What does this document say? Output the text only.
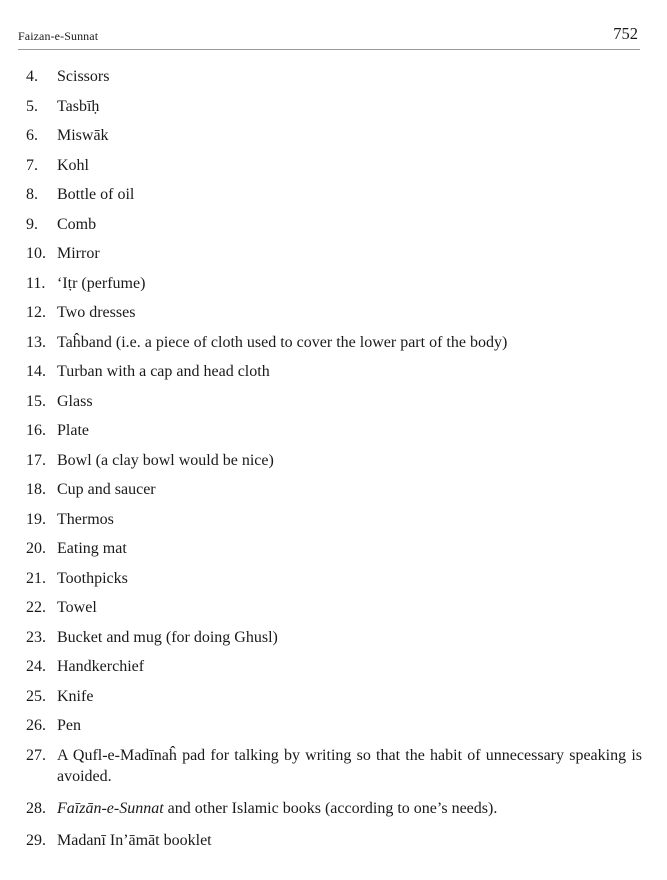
Faizan-e-Sunnat	752
4.	Scissors
5.	Tasbīḥ
6.	Miswāk
7.	Kohl
8.	Bottle of oil
9.	Comb
10. Mirror
11. ‘Iṭr (perfume)
12. Two dresses
13. Taĥband (i.e. a piece of cloth used to cover the lower part of the body)
14. Turban with a cap and head cloth
15. Glass
16. Plate
17. Bowl (a clay bowl would be nice)
18. Cup and saucer
19. Thermos
20. Eating mat
21. Toothpicks
22. Towel
23. Bucket and mug (for doing Ghusl)
24. Handkerchief
25. Knife
26. Pen
27. A Qufl-e-Madīnaĥ pad for talking by writing so that the habit of unnecessary speaking is avoided.
28. Faīzān-e-Sunnat and other Islamic books (according to one’s needs).
29. Madanī In’āmāt booklet
